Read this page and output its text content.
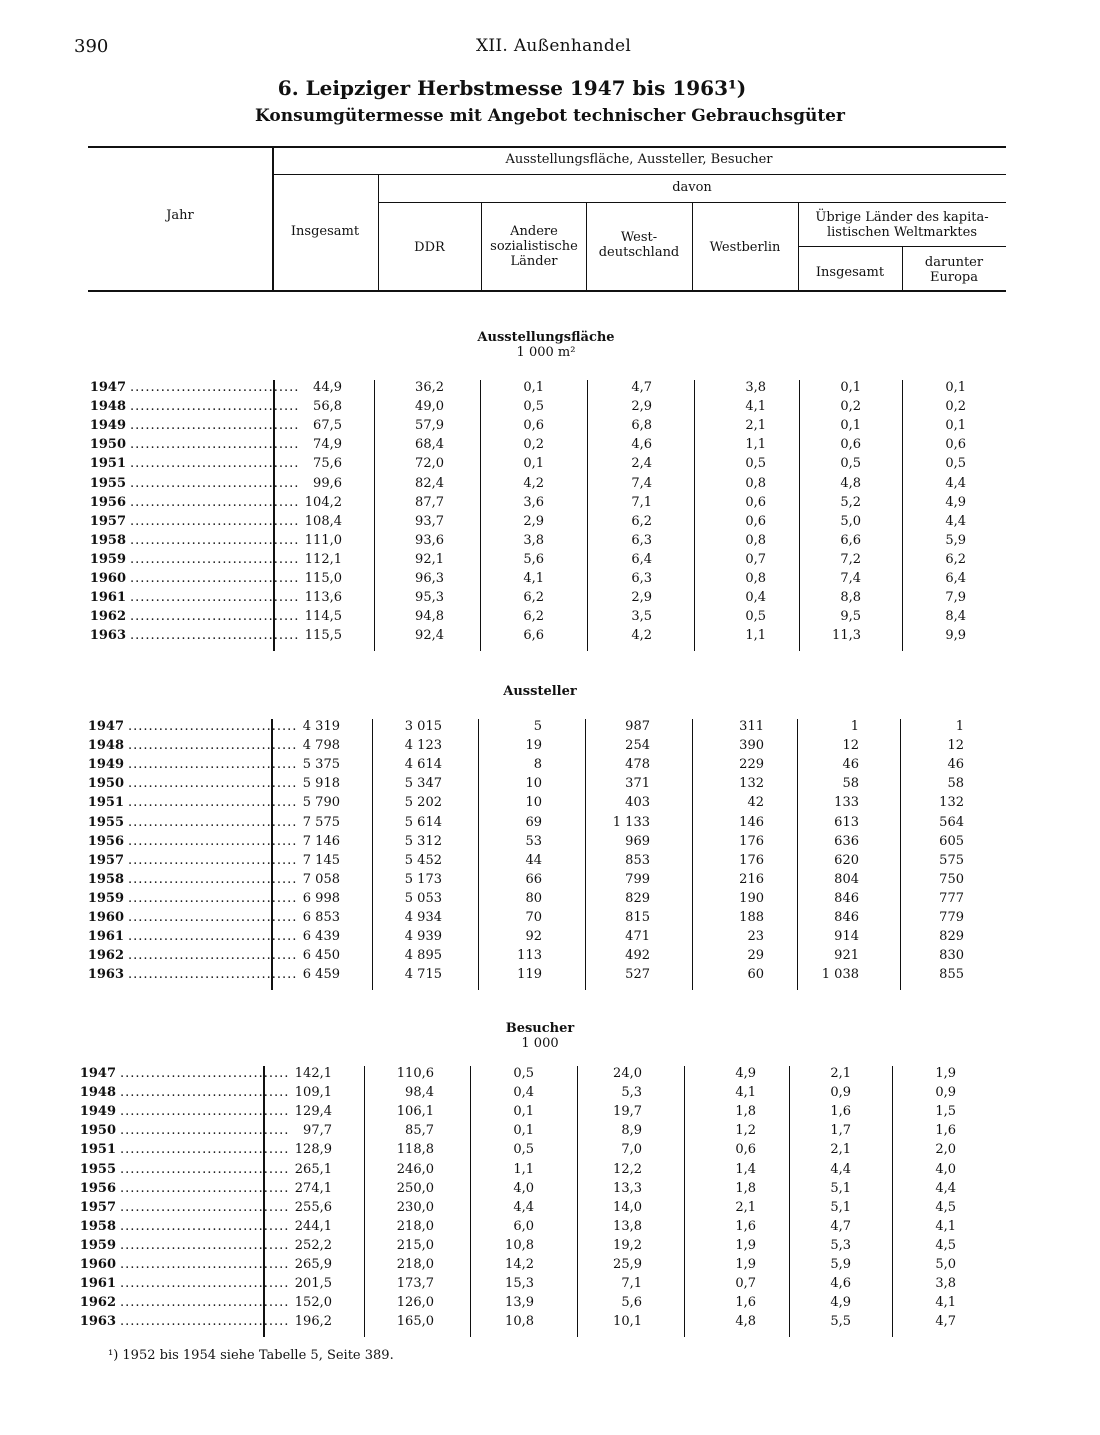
390	XII. Außenhandel
6. Leipziger Herbstmesse 1947 bis 1963¹)
Konsumgütermesse mit Angebot technischer Gebrauchsgüter
Jahr
Ausstellungsfläche, Aussteller, Besucher
Insgesamt
davon
DDR
Andere sozialistische Länder
West- deutschland	Westberlin
Übrige Länder des kapita- listischen Weltmarktes
Insgesamt
darunter Europa
Ausstellungsfläche
1 000 m²
Aussteller
Besucher
1 000
1947 .................................	44,9	36,2	0,1	4,7	3,8	0,1	0,1
1948 .................................	56,8	49,0	0,5	2,9	4,1	0,2	0,2
1949 .................................	67,5	57,9	0,6	6,8	2,1	0,1	0,1
1950 .................................	74,9	68,4	0,2	4,6	1,1	0,6	0,6
1951 .................................	75,6	72,0	0,1	2,4	0,5	0,5	0,5
1955 .................................	99,6	82,4	4,2	7,4	0,8	4,8	4,4
1956 ................................. 104,2	87,7	3,6	7,1	0,6	5,2	4,9
1957 ................................. 108,4	93,7	2,9	6,2	0,6	5,0	4,4
1958 ................................. 111,0	93,6	3,8	6,3	0,8	6,6	5,9
1959 ................................. 112,1	92,1	5,6	6,4	0,7	7,2	6,2
1960 ................................. 115,0	96,3	4,1	6,3	0,8	7,4	6,4
1961 ................................. 113,6	95,3	6,2	2,9	0,4	8,8	7,9
1962 ................................. 114,5	94,8	6,2	3,5	0,5	9,5	8,4
1963 ................................. 115,5	92,4	6,6	4,2	1,1	11,3	9,9
1947 ................................. 4 319	3 015	5	987	311	1	1
1948 ................................. 4 798	4 123	19	254	390	12	12
1949 ................................. 5 375	4 614	8	478	229	46	46
1950 ................................. 5 918	5 347	10	371	132	58	58
1951 ................................. 5 790	5 202	10	403	42	133	132
1955 ................................. 7 575	5 614	69	1 133	146	613	564
1956 ................................. 7 146	5 312	53	969	176	636	605
1957 ................................. 7 145	5 452	44	853	176	620	575
1958 ................................. 7 058	5 173	66	799	216	804	750
1959 ................................. 6 998	5 053	80	829	190	846	777
1960 ................................. 6 853	4 934	70	815	188	846	779
1961 ................................. 6 439	4 939	92	471	23	914	829
1962 ................................. 6 450	4 895	113	492	29	921	830
1963 ................................. 6 459	4 715	119	527	60	1 038	855
1947 ................................. 142,1	110,6	0,5	24,0	4,9	2,1	1,9
1948 ................................. 109,1	98,4	0,4	5,3	4,1	0,9	0,9
1949 ................................. 129,4	106,1	0,1	19,7	1,8	1,6	1,5
1950 .................................	97,7	85,7	0,1	8,9	1,2	1,7	1,6
1951 ................................. 128,9	118,8	0,5	7,0	0,6	2,1	2,0
1955 ................................. 265,1	246,0	1,1	12,2	1,4	4,4	4,0
1956 ................................. 274,1	250,0	4,0	13,3	1,8	5,1	4,4
1957 ................................. 255,6	230,0	4,4	14,0	2,1	5,1	4,5
1958 ................................. 244,1	218,0	6,0	13,8	1,6	4,7	4,1
1959 ................................. 252,2	215,0	10,8	19,2	1,9	5,3	4,5
1960 ................................. 265,9	218,0	14,2	25,9	1,9	5,9	5,0
1961 ................................. 201,5	173,7	15,3	7,1	0,7	4,6	3,8
1962 ................................. 152,0	126,0	13,9	5,6	1,6	4,9	4,1
1963 ................................. 196,2	165,0	10,8	10,1	4,8	5,5	4,7
¹) 1952 bis 1954 siehe Tabelle 5, Seite 389.
